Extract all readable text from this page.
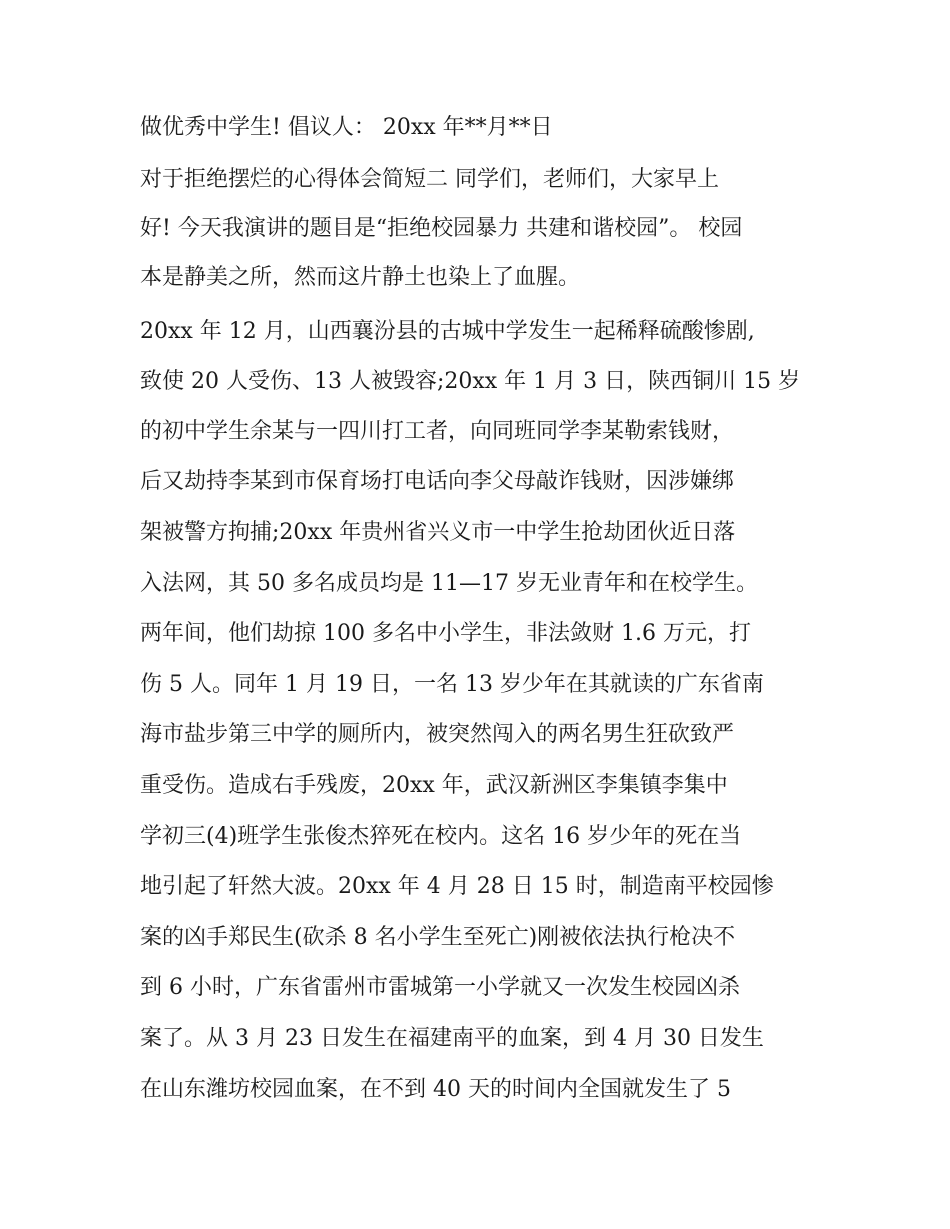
做优秀中学生! 倡议人： 20xx 年**月**日
对于拒绝摆烂的心得体会简短二 同学们，老师们，大家早上
好! 今天我演讲的题目是“拒绝校园暴力 共建和谐校园”。 校园
本是静美之所，然而这片静土也染上了血腥。
20xx 年 12 月，山西襄汾县的古城中学发生一起稀释硫酸惨剧,
致使 20 人受伤、13 人被毁容;20xx 年 1 月 3 日，陕西铜川 15 岁
的初中学生余某与一四川打工者，向同班同学李某勒索钱财，
后又劫持李某到市保育场打电话向李父母敲诈钱财，因涉嫌绑
架被警方拘捕;20xx 年贵州省兴义市一中学生抢劫团伙近日落
入法网，其 50 多名成员均是 11—17 岁无业青年和在校学生。
两年间，他们劫掠 100 多名中小学生，非法敛财 1.6 万元，打
伤 5 人。同年 1 月 19 日，一名 13 岁少年在其就读的广东省南
海市盐步第三中学的厕所内，被突然闯入的两名男生狂砍致严
重受伤。造成右手残废，20xx 年，武汉新洲区李集镇李集中
学初三(4)班学生张俊杰猝死在校内。这名 16 岁少年的死在当
地引起了轩然大波。20xx 年 4 月 28 日 15 时，制造南平校园惨
案的凶手郑民生(砍杀 8 名小学生至死亡)刚被依法执行枪决不
到 6 小时，广东省雷州市雷城第一小学就又一次发生校园凶杀
案了。从 3 月 23 日发生在福建南平的血案，到 4 月 30 日发生
在山东潍坊校园血案，在不到 40 天的时间内全国就发生了 5
